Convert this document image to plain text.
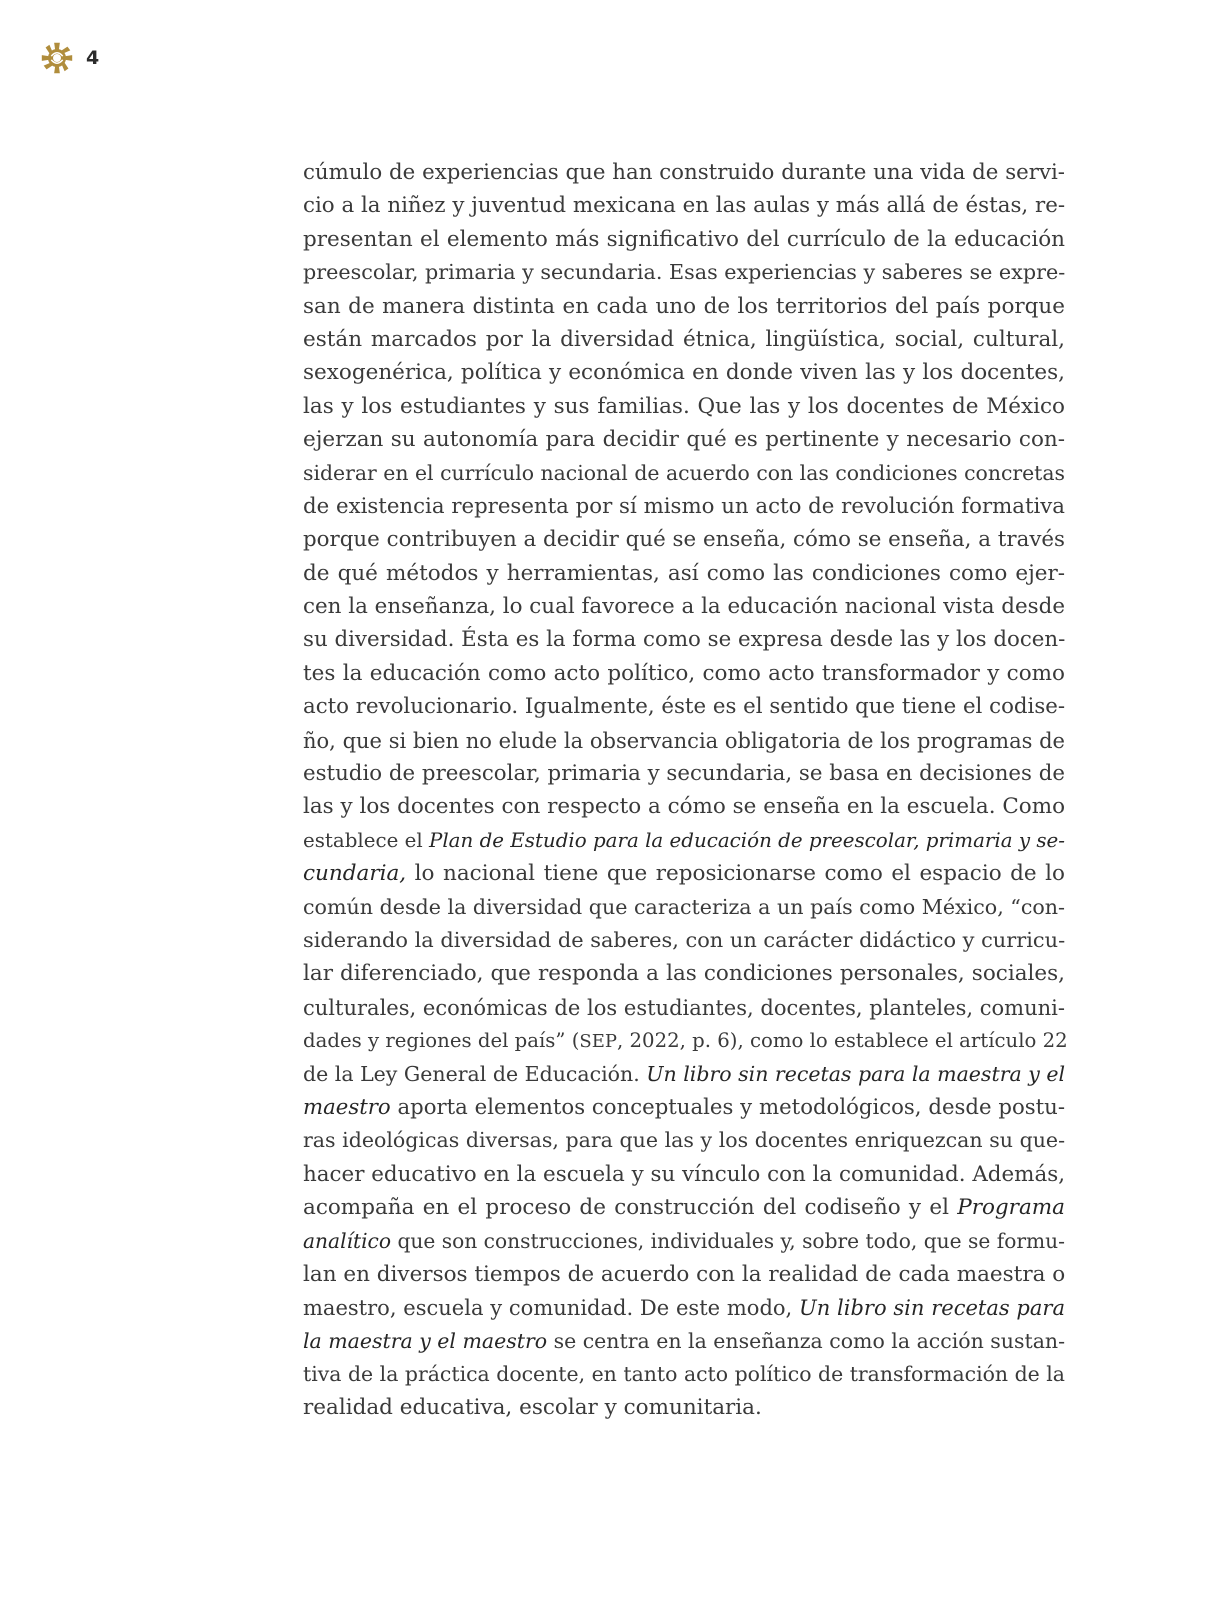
4

cúmulo de experiencias que han construido durante una vida de servi-
cio a la niñez y juventud mexicana en las aulas y más allá de éstas, re-
presentan el elemento más significativo del currículo de la educación
preescolar, primaria y secundaria. Esas experiencias y saberes se expre-
san de manera distinta en cada uno de los territorios del país porque
están marcados por la diversidad étnica, lingüística, social, cultural,
sexogenérica, política y económica en donde viven las y los docentes,
las y los estudiantes y sus familias. Que las y los docentes de México
ejerzan su autonomía para decidir qué es pertinente y necesario con-
siderar en el currículo nacional de acuerdo con las condiciones concretas
de existencia representa por sí mismo un acto de revolución formativa
porque contribuyen a decidir qué se enseña, cómo se enseña, a través
de qué métodos y herramientas, así como las condiciones como ejer-
cen la enseñanza, lo cual favorece a la educación nacional vista desde
su diversidad. Ésta es la forma como se expresa desde las y los docen-
tes la educación como acto político, como acto transformador y como
acto revolucionario. Igualmente, éste es el sentido que tiene el codise-
ño, que si bien no elude la observancia obligatoria de los programas de
estudio de preescolar, primaria y secundaria, se basa en decisiones de
las y los docentes con respecto a cómo se enseña en la escuela. Como
establece el Plan de Estudio para la educación de preescolar, primaria y se-
cundaria, lo nacional tiene que reposicionarse como el espacio de lo
común desde la diversidad que caracteriza a un país como México, “con-
siderando la diversidad de saberes, con un carácter didáctico y curricu-
lar diferenciado, que responda a las condiciones personales, sociales,
culturales, económicas de los estudiantes, docentes, planteles, comuni-
dades y regiones del país” (SEP, 2022, p. 6), como lo establece el artículo 22
de la Ley General de Educación. Un libro sin recetas para la maestra y el
maestro aporta elementos conceptuales y metodológicos, desde postu-
ras ideológicas diversas, para que las y los docentes enriquezcan su que-
hacer educativo en la escuela y su vínculo con la comunidad. Además,
acompaña en el proceso de construcción del codiseño y el Programa
analítico que son construcciones, individuales y, sobre todo, que se formu-
lan en diversos tiempos de acuerdo con la realidad de cada maestra o
maestro, escuela y comunidad. De este modo, Un libro sin recetas para
la maestra y el maestro se centra en la enseñanza como la acción sustan-
tiva de la práctica docente, en tanto acto político de transformación de la
realidad educativa, escolar y comunitaria.
